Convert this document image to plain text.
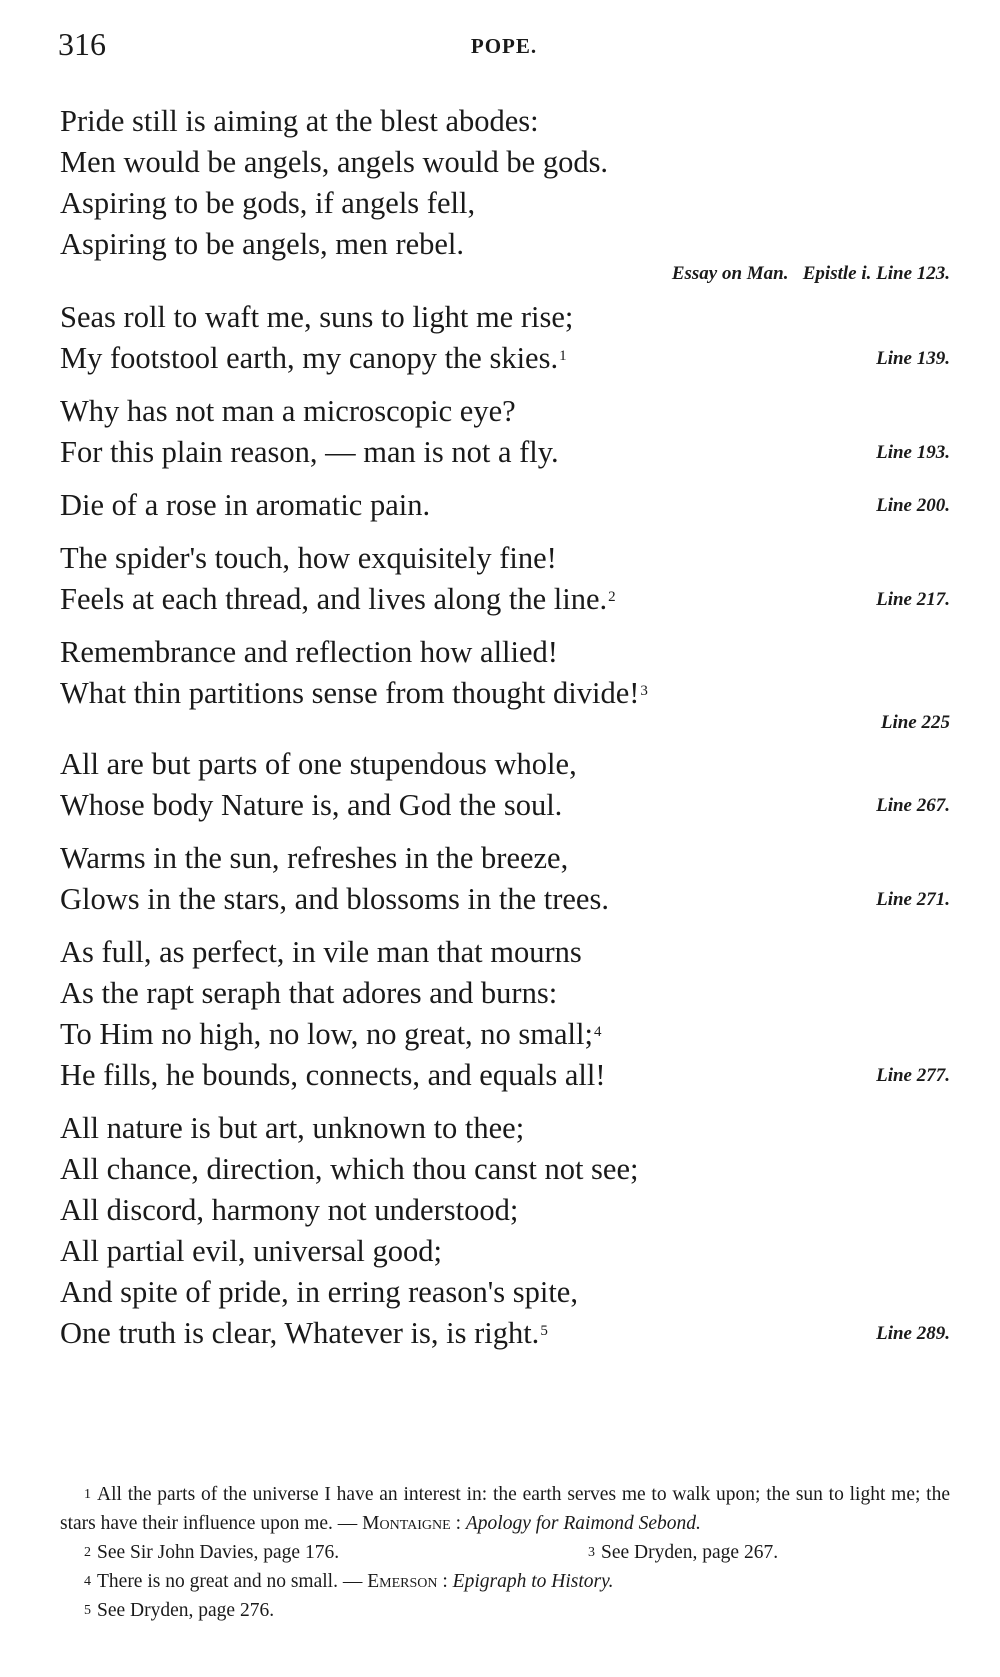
316	POPE.
Pride still is aiming at the blest abodes:
Men would be angels, angels would be gods.
Aspiring to be gods, if angels fell,
Aspiring to be angels, men rebel.
Essay on Man.   Epistle i. Line 123.
Seas roll to waft me, suns to light me rise;
My footstool earth, my canopy the skies.$^1$	Line 139.
Why has not man a microscopic eye?
For this plain reason, — man is not a fly.	Line 193.
Die of a rose in aromatic pain.	Line 200.
The spider's touch, how exquisitely fine!
Feels at each thread, and lives along the line.$^2$	Line 217.
Remembrance and reflection how allied!
What thin partitions sense from thought divide!$^3$
Line 225
All are but parts of one stupendous whole,
Whose body Nature is, and God the soul.	Line 267.
Warms in the sun, refreshes in the breeze,
Glows in the stars, and blossoms in the trees.	Line 271.
As full, as perfect, in vile man that mourns
As the rapt seraph that adores and burns:
To Him no high, no low, no great, no small;$^4$
He fills, he bounds, connects, and equals all!	Line 277.
All nature is but art, unknown to thee;
All chance, direction, which thou canst not see;
All discord, harmony not understood;
All partial evil, universal good;
And spite of pride, in erring reason's spite,
One truth is clear, Whatever is, is right.$^5$	Line 289.
$^1$ All the parts of the universe I have an interest in: the earth serves me to walk upon; the sun to light me; the stars have their influence upon me. — Montaigne : Apology for Raimond Sebond.
$^2$ See Sir John Davies, page 176.	$^3$ See Dryden, page 267.
$^4$ There is no great and no small. — Emerson : Epigraph to History.
$^5$ See Dryden, page 276.
